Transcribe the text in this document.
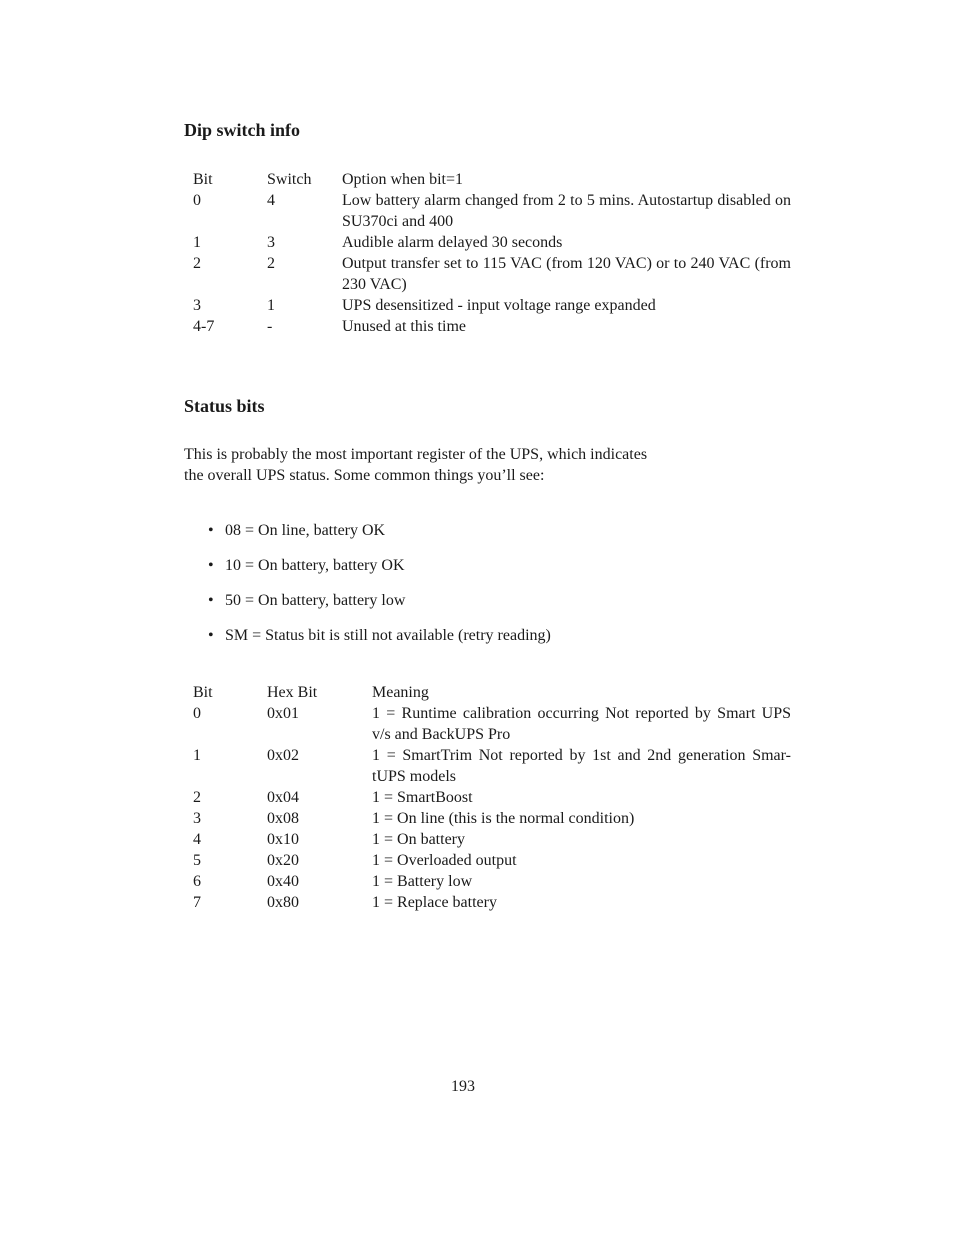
Dip switch info
Bit	Switch	Option when bit=1
0	4	Low battery alarm changed from 2 to 5 mins. Autostartup disabled on SU370ci and 400
1	3	Audible alarm delayed 30 seconds
2	2	Output transfer set to 115 VAC (from 120 VAC) or to 240 VAC (from 230 VAC)
3	1	UPS desensitized - input voltage range expanded
4-7	-	Unused at this time
Status bits

This is probably the most important register of the UPS, which indicates
the overall UPS status. Some common things you’ll see:

• 08 = On line, battery OK
• 10 = On battery, battery OK
• 50 = On battery, battery low
• SM = Status bit is still not available (retry reading)
Bit	Hex Bit	Meaning
0	0x01	1 = Runtime calibration occurring Not reported by Smart UPS v/s and BackUPS Pro
1	0x02	1 = SmartTrim Not reported by 1st and 2nd generation Smar-tUPS models
2	0x04	1 = SmartBoost
3	0x08	1 = On line (this is the normal condition)
4	0x10	1 = On battery
5	0x20	1 = Overloaded output
6	0x40	1 = Battery low
7	0x80	1 = Replace battery
193
